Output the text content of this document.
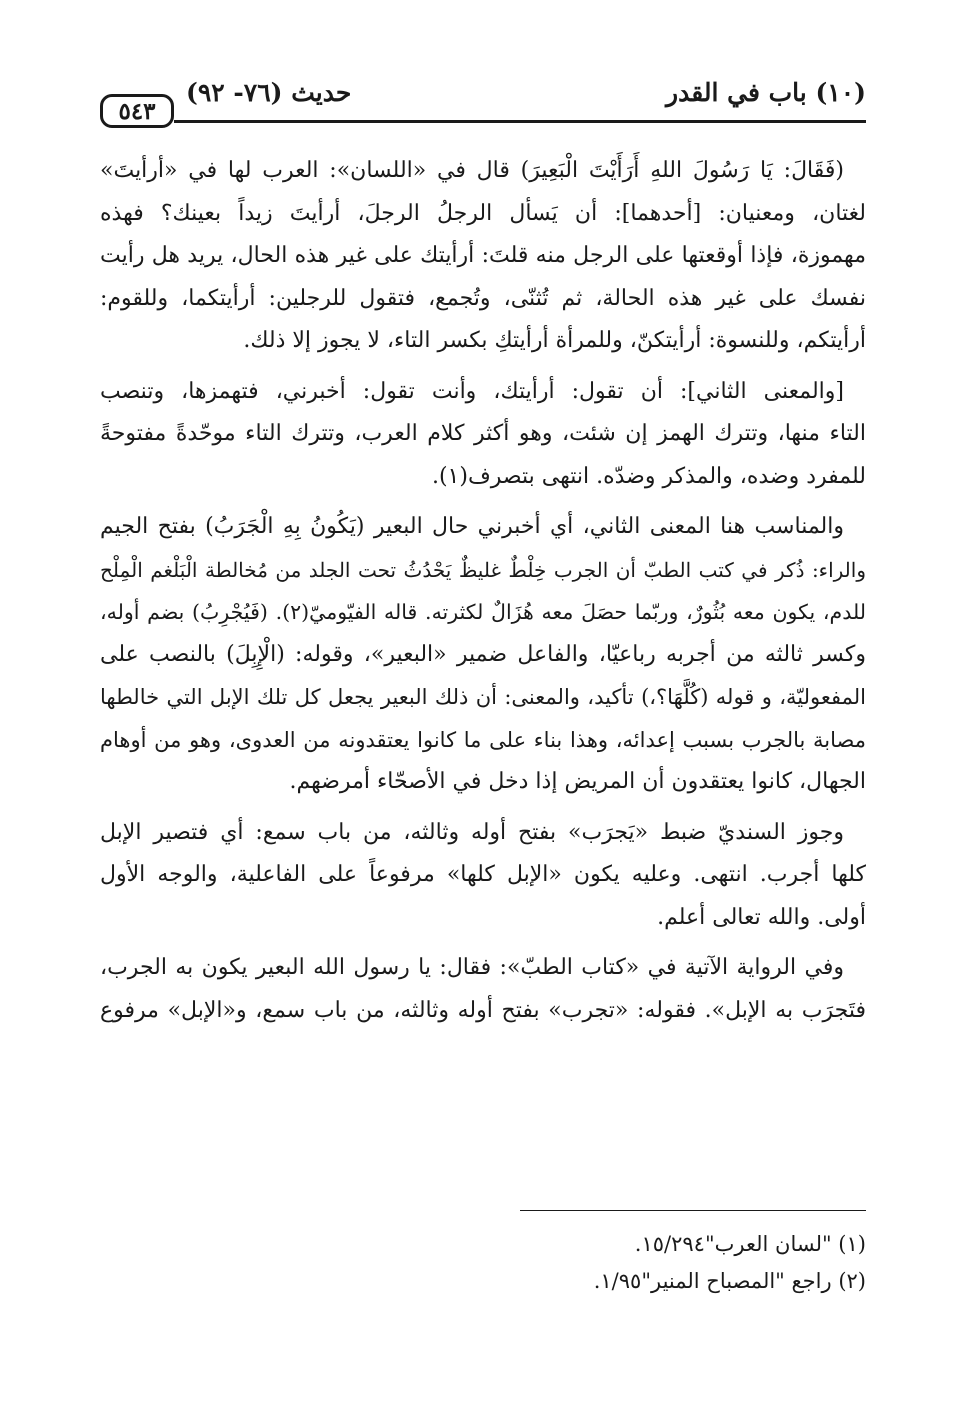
(١٠) باب في القدر
حديث (٧٦- ٩٢)
٥٤٣

(فَقَالَ: يَا رَسُولَ اللهِ أَرَأَيْتَ الْبَعِيرَ) قال في «اللسان»: العرب لها في «أرأيتَ»
لغتان، ومعنيان: [أحدهما]: أن يَسأل الرجلُ الرجلَ، أرأيتَ زيداً بعينك؟ فهذه
مهموزة، فإذا أوقعتها على الرجل منه قلتَ: أرأيتك على غير هذه الحال، يريد هل رأيت
نفسك على غير هذه الحالة، ثم تُثنّى، وتُجمع، فتقول للرجلين: أرأيتكما، وللقوم:
أرأيتكم، وللنسوة: أرأيتكنّ، وللمرأة أرأيتكِ بكسر التاء، لا يجوز إلا ذلك.

[والمعنى الثاني]: أن تقول: أرأيتك، وأنت تقول: أخبرني، فتهمزها، وتنصب
التاء منها، وتترك الهمز إن شئت، وهو أكثر كلام العرب، وتترك التاء موحّدةً مفتوحةً
للمفرد وضده، والمذكر وضدّه. انتهى بتصرف(١).

والمناسب هنا المعنى الثاني، أي أخبرني حال البعير (يَكُونُ بِهِ الْجَرَبُ) بفتح الجيم
والراء: ذُكر في كتب الطبّ أن الجرب خِلْطٌ غليظٌ يَحْدُثُ تحت الجلد من مُخالطة الْبَلْغم الْمِلْح
للدم، يكون معه بُثُورٌ، وربّما حصَلَ معه هُزَالٌ لكثرته. قاله الفيّوميّ(٢). (فَيُجْرِبُ) بضم أوله،
وكسر ثالثه من أجربه رباعيّا، والفاعل ضمير «البعير»، وقوله: (الْإِبِلَ) بالنصب على
المفعوليّة، و قوله (كُلَّهَا؟،) تأكيد، والمعنى: أن ذلك البعير يجعل كل تلك الإبل التي خالطها
مصابة بالجرب بسبب إعدائه، وهذا بناء على ما كانوا يعتقدونه من العدوى، وهو من أوهام
الجهال، كانوا يعتقدون أن المريض إذا دخل في الأصحّاء أمرضهم.

وجوز السنديّ ضبط «يَجرَب» بفتح أوله وثالثه، من باب سمع: أي فتصير الإبل
كلها أجرب. انتهى. وعليه يكون «الإبل كلها» مرفوعاً على الفاعلية، والوجه الأول
أولى. والله تعالى أعلم.

وفي الرواية الآتية في «كتاب الطبّ»: فقال: يا رسول الله البعير يكون به الجرب،
فتَجرَب به الإبل». فقوله: «تجرب» بفتح أوله وثالثه، من باب سمع، و«الإبل» مرفوع

(١) "لسان العرب"١٥/٢٩٤.
(٢) راجع "المصباح المنير"١/٩٥.
